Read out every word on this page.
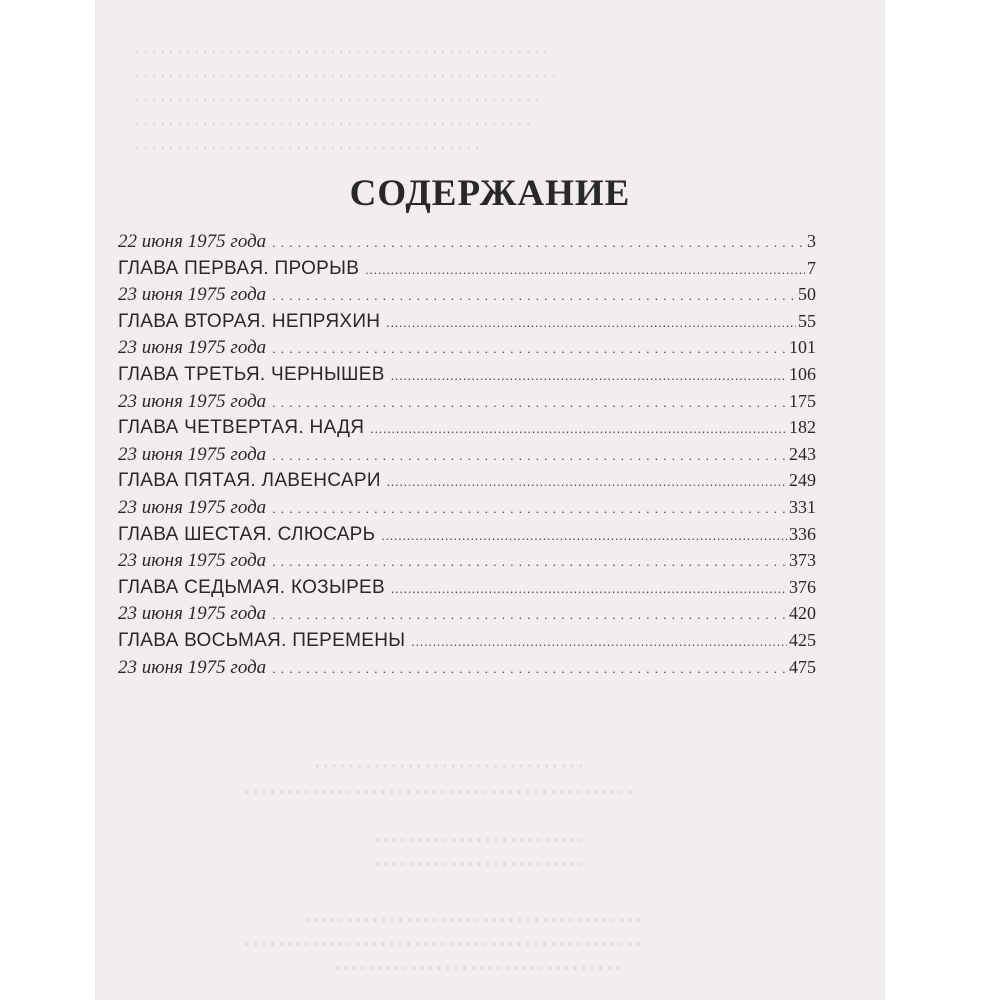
. . . . . . . . . . . . . . . . . . . . . . . . . . . . . . . . . . . . . . . . . . . . . . . . .
. . . . . . . . . . . . . . . . . . . . . . . . . . . . . . . . . . . . . . . . . . . . . . . . . .
. . . . . . . . . . . . . . . . . . . . . . . . . . . . . . . . . . . . . . . . . . . . . . . .
. . . . . . . . . . . . . . . . . . . . . . . . . . . . . . . . . . . . . . . . . . . . . . .
. . . . . . . . . . . . . . . . . . . . . . . . . . . . . . . . . . . . . . . . .
. . . . . . . . . . . . . . . . . . . . . . . . . . . . . . . .
. . . . . . . . . . . . . . . . . . . . . . . . . . . . . . . . . . . . . . . . . . . . . .
. . . . . . . . . . . . . . . . . . . . . . . . .
. . . . . . . . . . . . . . . . . . . . . . . . .
. . . . . . . . . . . . . . . . . . . . . . . . . . . . . . . . . . . . . . . .
. . . . . . . . . . . . . . . . . . . . . . . . . . . . . . . . . . . . . . . . . . . . . . .
. . . . . . . . . . . . . . . . . . . . . . . . . . . . . . . . . .
СОДЕРЖАНИЕ
22 июня 1975 года . . .	3
ГЛАВА ПЕРВАЯ. ПРОРЫВ .....	7
23 июня 1975 года . . .	50
ГЛАВА ВТОРАЯ. НЕПРЯХИН .....	55
23 июня 1975 года . . .	101
ГЛАВА ТРЕТЬЯ. ЧЕРНЫШЕВ .....	106
23 июня 1975 года . . .	175
ГЛАВА ЧЕТВЕРТАЯ. НАДЯ .....	182
23 июня 1975 года . . .	243
ГЛАВА ПЯТАЯ. ЛАВЕНСАРИ .....	249
23 июня 1975 года . . .	331
ГЛАВА ШЕСТАЯ. СЛЮСАРЬ .....	336
23 июня 1975 года . . .	373
ГЛАВА СЕДЬМАЯ. КОЗЫРЕВ .....	376
23 июня 1975 года . . .	420
ГЛАВА ВОСЬМАЯ. ПЕРЕМЕНЫ .....	425
23 июня 1975 года . . .	475
